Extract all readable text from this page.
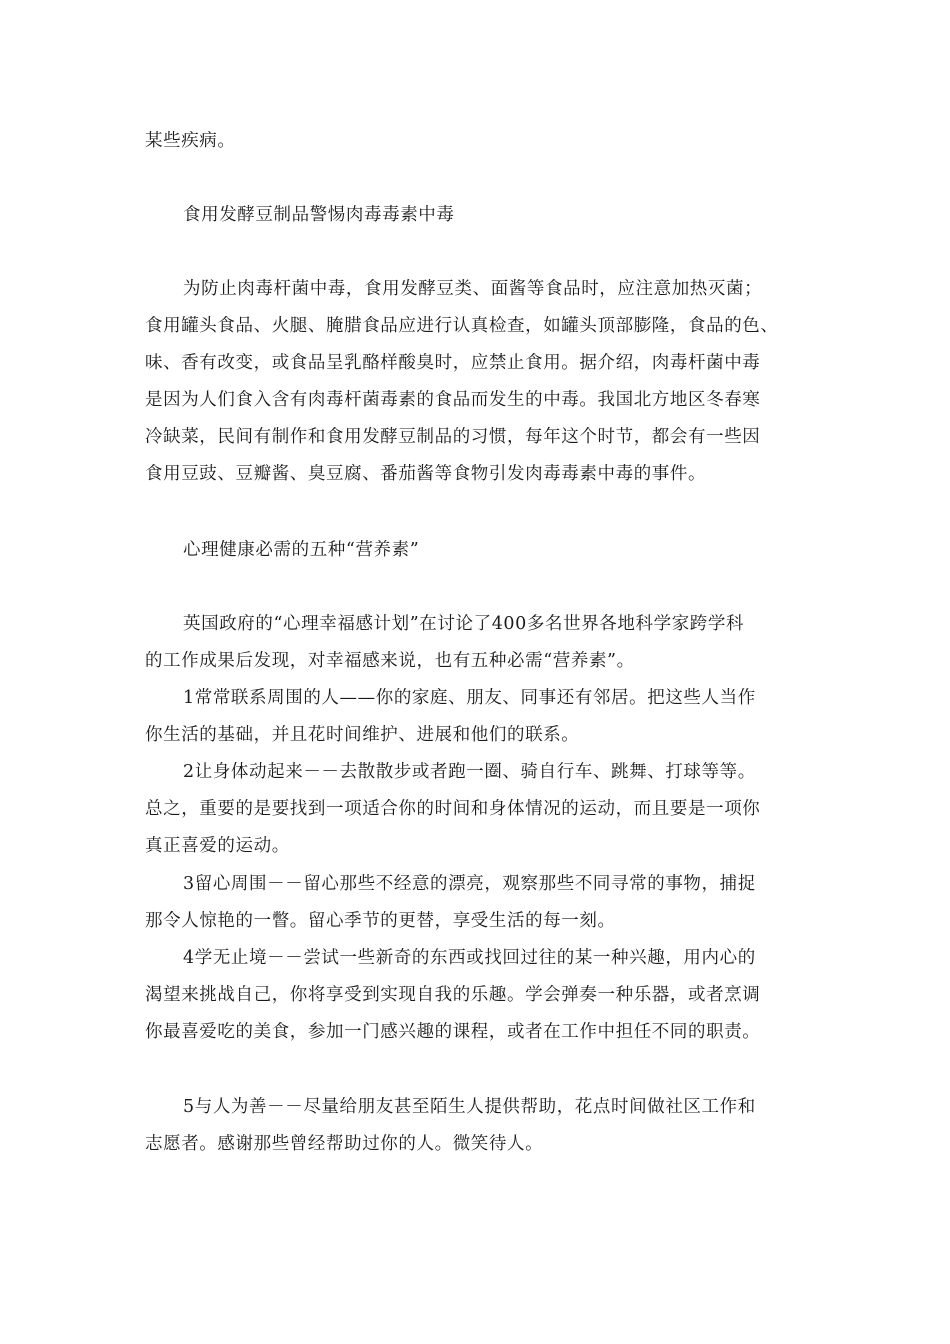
某些疾病。
食用发酵豆制品警惕肉毒毒素中毒
为防止肉毒杆菌中毒，食用发酵豆类、面酱等食品时，应注意加热灭菌；
食用罐头食品、火腿、腌腊食品应进行认真检查，如罐头顶部膨隆，食品的色、
味、香有改变，或食品呈乳酪样酸臭时，应禁止食用。据介绍，肉毒杆菌中毒
是因为人们食入含有肉毒杆菌毒素的食品而发生的中毒。我国北方地区冬春寒
冷缺菜，民间有制作和食用发酵豆制品的习惯，每年这个时节，都会有一些因
食用豆豉、豆瓣酱、臭豆腐、番茄酱等食物引发肉毒毒素中毒的事件。
心理健康必需的五种“营养素”
英国政府的“心理幸福感计划”在讨论了400多名世界各地科学家跨学科
的工作成果后发现，对幸福感来说，也有五种必需“营养素”。
1常常联系周围的人——你的家庭、朋友、同事还有邻居。把这些人当作
你生活的基础，并且花时间维护、进展和他们的联系。
2让身体动起来－－去散散步或者跑一圈、骑自行车、跳舞、打球等等。
总之，重要的是要找到一项适合你的时间和身体情况的运动，而且要是一项你
真正喜爱的运动。
3留心周围－－留心那些不经意的漂亮，观察那些不同寻常的事物，捕捉
那令人惊艳的一瞥。留心季节的更替，享受生活的每一刻。
4学无止境－－尝试一些新奇的东西或找回过往的某一种兴趣，用内心的
渴望来挑战自己，你将享受到实现自我的乐趣。学会弹奏一种乐器，或者烹调
你最喜爱吃的美食，参加一门感兴趣的课程，或者在工作中担任不同的职责。
5与人为善－－尽量给朋友甚至陌生人提供帮助，花点时间做社区工作和
志愿者。感谢那些曾经帮助过你的人。微笑待人。
